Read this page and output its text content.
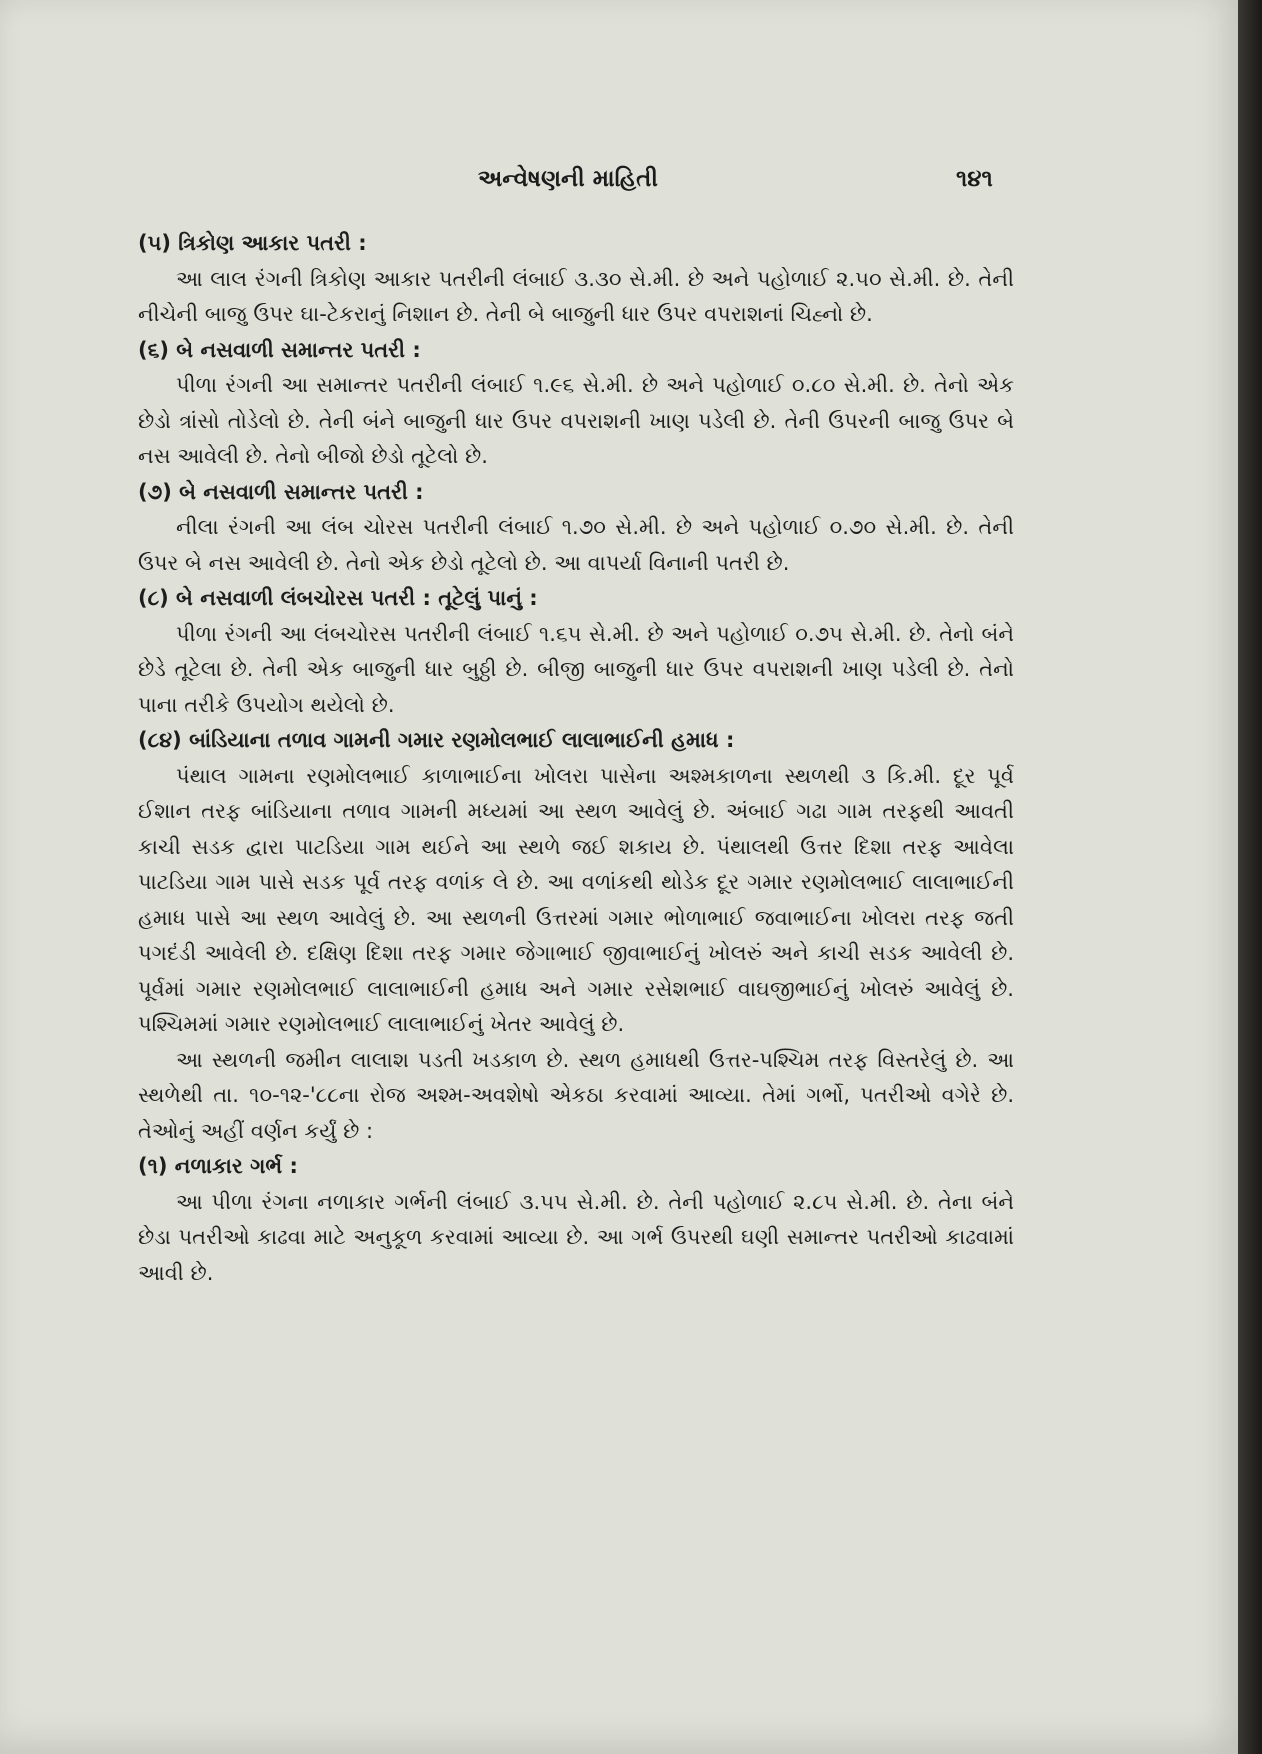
અન્વેષણની માહિતી	૧૪૧

(૫) ત્રિકોણ આકાર પતરી :

આ લાલ રંગની ત્રિકોણ આકાર પતરીની લંબાઈ ૩.૩૦ સે.મી. છે અને પહોળાઈ ૨.૫૦ સે.મી. છે. તેની નીચેની બાજુ ઉપર ઘા-ટેકરાનું નિશાન છે. તેની બે બાજુની ધાર ઉપર વપરાશનાં ચિહ્નો છે.

(૬) બે નસવાળી સમાન્તર પતરી :

પીળા રંગની આ સમાન્તર પતરીની લંબાઈ ૧.૯૬ સે.મી. છે અને પહોળાઈ ૦.૮૦ સે.મી. છે. તેનો એક છેડો ત્રાંસો તોડેલો છે. તેની બંને બાજુની ધાર ઉપર વપરાશની ખાણ પડેલી છે. તેની ઉપરની બાજુ ઉપર બે નસ આવેલી છે. તેનો બીજો છેડો તૂટેલો છે.

(૭) બે નસવાળી સમાન્તર પતરી :

નીલા રંગની આ લંબ ચોરસ પતરીની લંબાઈ ૧.૭૦ સે.મી. છે અને પહોળાઈ ૦.૭૦ સે.મી. છે. તેની ઉપર બે નસ આવેલી છે. તેનો એક છેડો તૂટેલો છે. આ વાપર્યા વિનાની પતરી છે.

(૮) બે નસવાળી લંબચોરસ પતરી : તૂટેલું પાનું :

પીળા રંગની આ લંબચોરસ પતરીની લંબાઈ ૧.૬૫ સે.મી. છે અને પહોળાઈ ૦.૭૫ સે.મી. છે. તેનો બંને છેડે તૂટેલા છે. તેની એક બાજુની ધાર બુઠ્ઠી છે. બીજી બાજુની ધાર ઉપર વપરાશની ખાણ પડેલી છે. તેનો પાના તરીકે ઉપયોગ થયેલો છે.

(૮૪) બાંડિયાના તળાવ ગામની ગમાર રણમોલભાઈ લાલાભાઈની હમાધ :

પંથાલ ગામના રણમોલભાઈ કાળાભાઈના ખોલરા પાસેના અશ્મકાળના સ્થળથી ૩ કિ.મી. દૂર પૂર્વ ઈશાન તરફ બાંડિયાના તળાવ ગામની મધ્યમાં આ સ્થળ આવેલું છે. અંબાઈ ગઢા ગામ તરફથી આવતી કાચી સડક દ્વારા પાટડિયા ગામ થઈને આ સ્થળે જઈ શકાય છે. પંથાલથી ઉત્તર દિશા તરફ આવેલા પાટડિયા ગામ પાસે સડક પૂર્વ તરફ વળાંક લે છે. આ વળાંકથી થોડેક દૂર ગમાર રણમોલભાઈ લાલાભાઈની હમાધ પાસે આ સ્થળ આવેલું છે. આ સ્થળની ઉત્તરમાં ગમાર ભોળાભાઈ જવાભાઈના ખોલરા તરફ જતી પગદંડી આવેલી છે. દક્ષિણ દિશા તરફ ગમાર જેગાભાઈ જીવાભાઈનું ખોલરું અને કાચી સડક આવેલી છે. પૂર્વમાં ગમાર રણમોલભાઈ લાલાભાઈની હમાધ અને ગમાર રસેશભાઈ વાઘજીભાઈનું ખોલરું આવેલું છે. પશ્ચિમમાં ગમાર રણમોલભાઈ લાલાભાઈનું ખેતર આવેલું છે.

આ સ્થળની જમીન લાલાશ પડતી ખડકાળ છે. સ્થળ હમાધથી ઉત્તર-પશ્ચિમ તરફ વિસ્તરેલું છે. આ સ્થળેથી તા. ૧૦-૧૨-'૮૮ના રોજ અશ્મ-અવશેષો એકઠા કરવામાં આવ્યા. તેમાં ગર્ભો, પતરીઓ વગેરે છે. તેઓનું અહીં વર્ણન કર્યું છે :

(૧) નળાકાર ગર્ભ :

આ પીળા રંગના નળાકાર ગર્ભની લંબાઈ ૩.૫૫ સે.મી. છે. તેની પહોળાઈ ૨.૮૫ સે.મી. છે. તેના બંને છેડા પતરીઓ કાઢવા માટે અનુકૂળ કરવામાં આવ્યા છે. આ ગર્ભ ઉપરથી ઘણી સમાન્તર પતરીઓ કાઢવામાં આવી છે.
